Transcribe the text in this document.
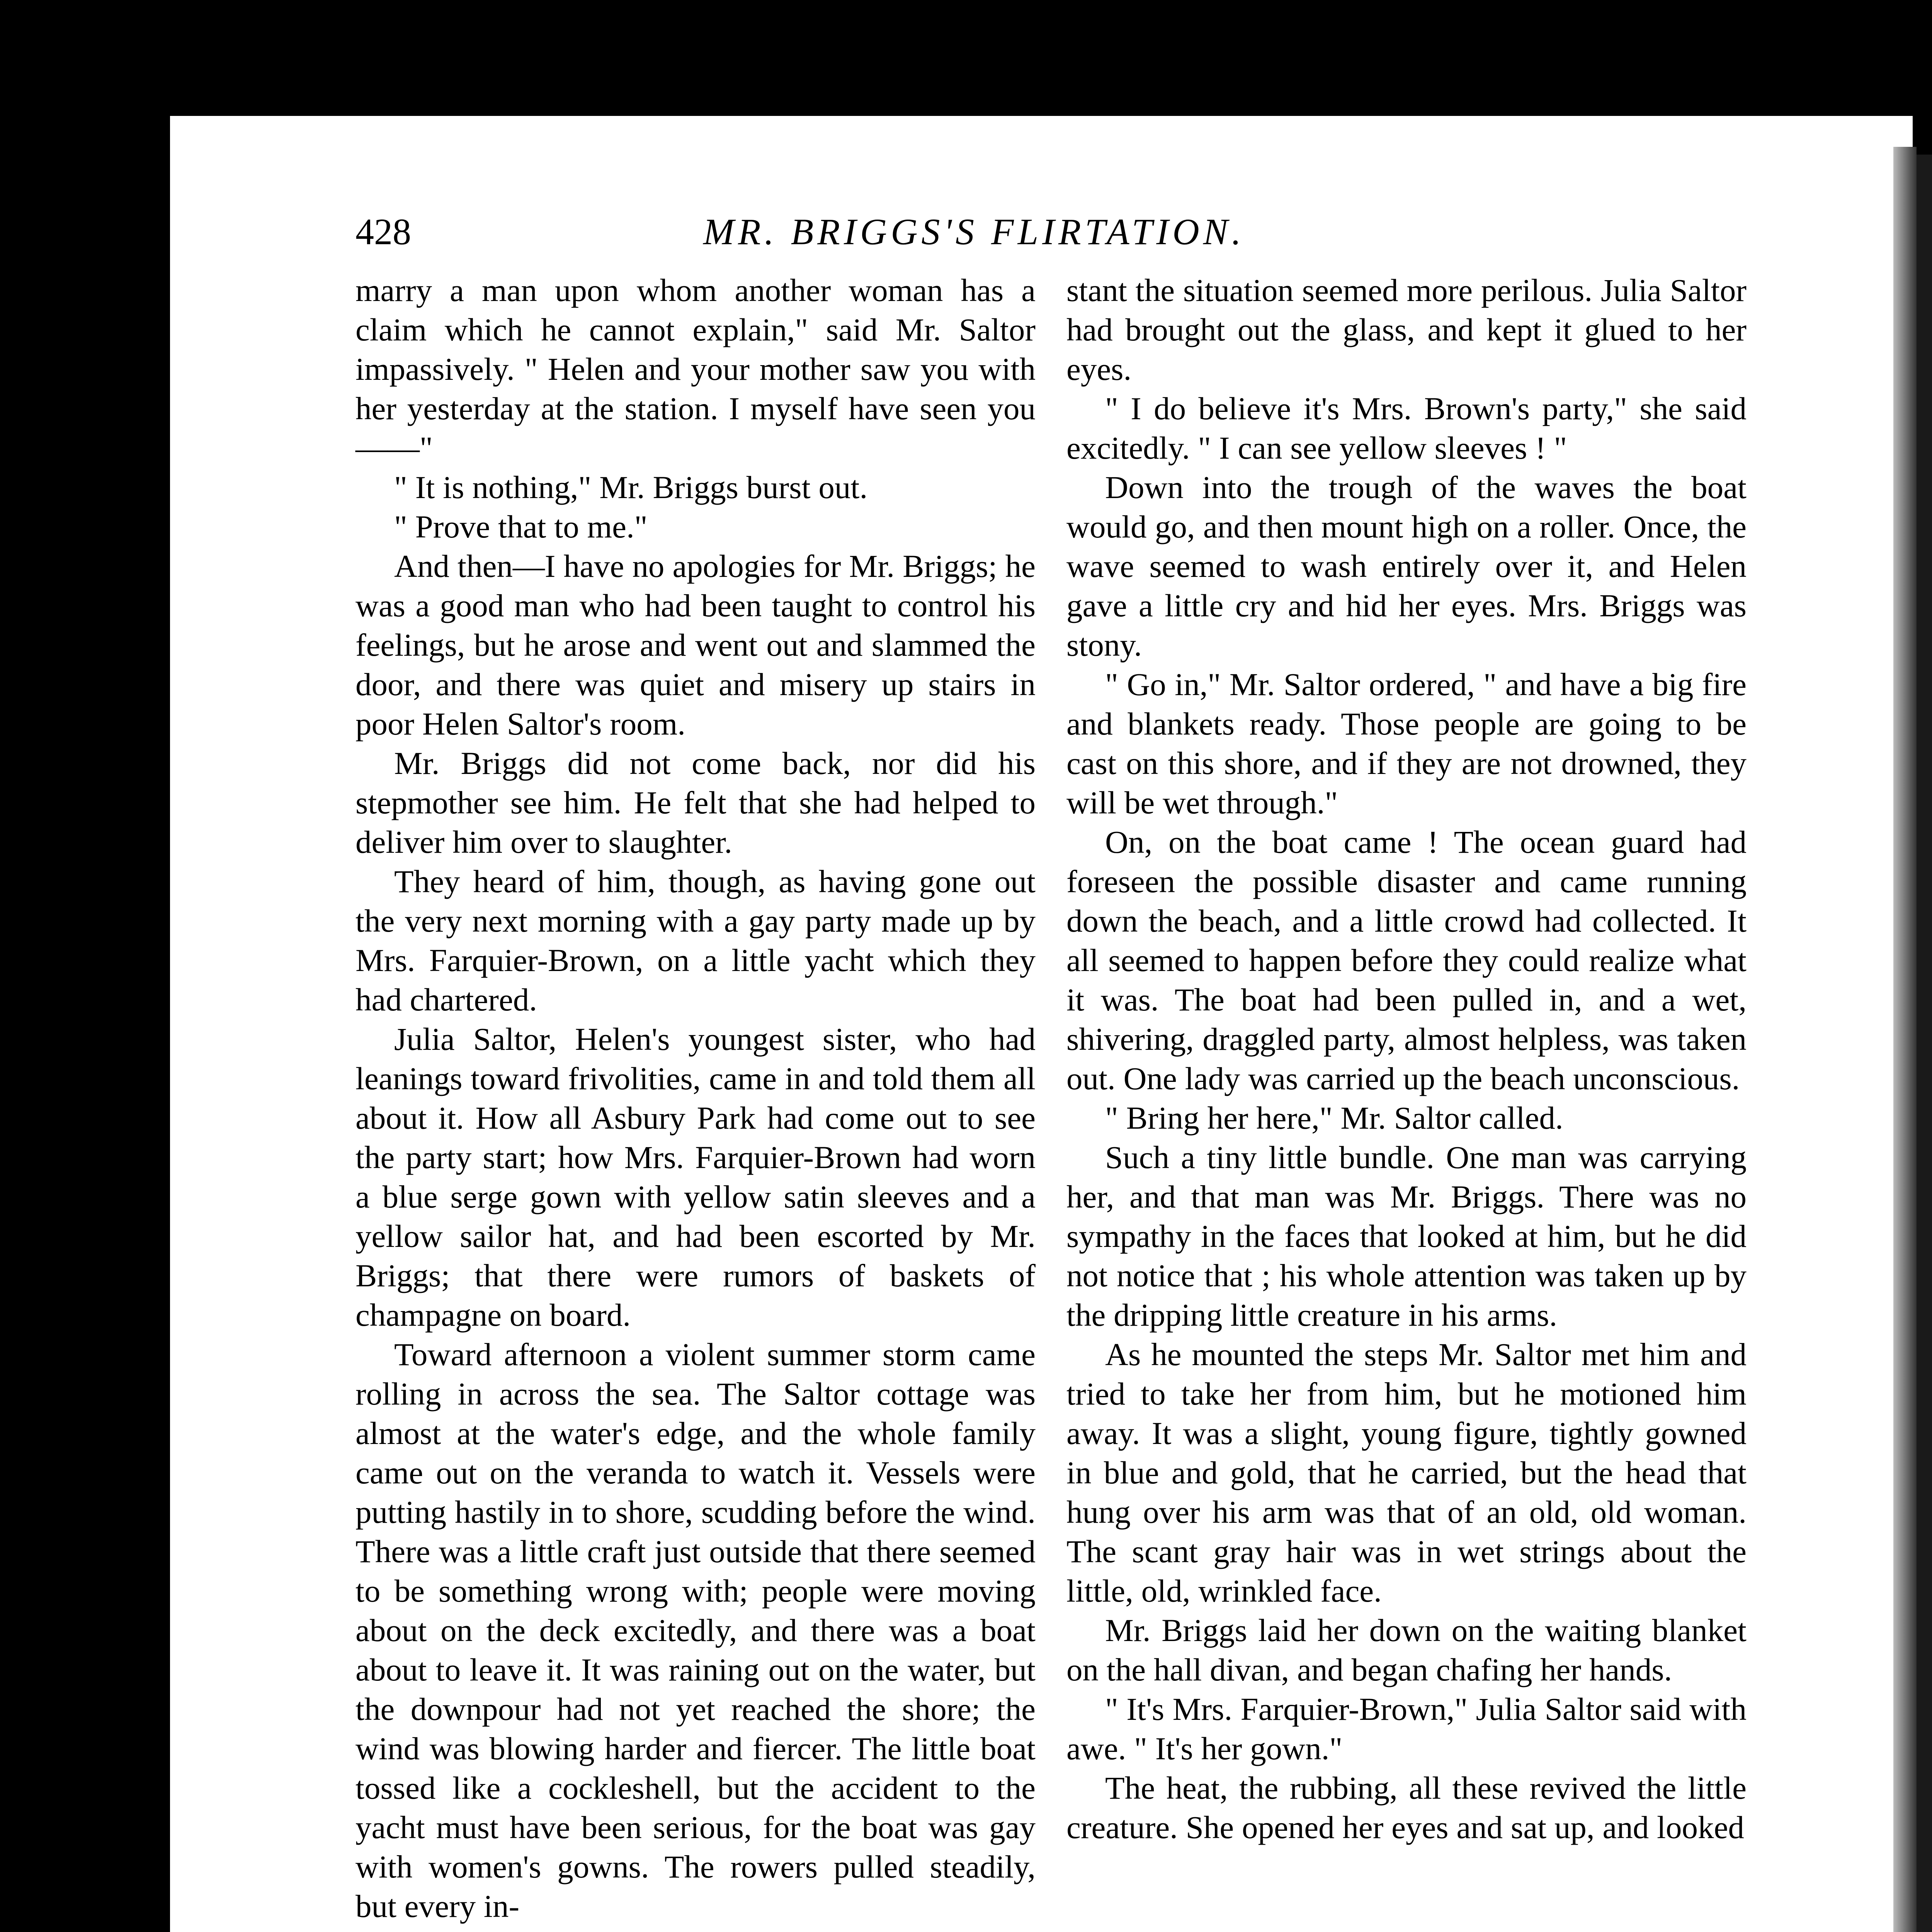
428	MR. BRIGGS'S FLIRTATION.

marry a man upon whom another woman has a claim which he cannot explain," said Mr. Saltor impassively. " Helen and your mother saw you with her yesterday at the station. I myself have seen you——"

" It is nothing," Mr. Briggs burst out.

" Prove that to me."

And then—I have no apologies for Mr. Briggs; he was a good man who had been taught to control his feelings, but he arose and went out and slammed the door, and there was quiet and misery up stairs in poor Helen Saltor's room.

Mr. Briggs did not come back, nor did his stepmother see him. He felt that she had helped to deliver him over to slaughter.

They heard of him, though, as having gone out the very next morning with a gay party made up by Mrs. Farquier-Brown, on a little yacht which they had chartered.

Julia Saltor, Helen's youngest sister, who had leanings toward frivolities, came in and told them all about it. How all Asbury Park had come out to see the party start; how Mrs. Farquier-Brown had worn a blue serge gown with yellow satin sleeves and a yellow sailor hat, and had been escorted by Mr. Briggs; that there were rumors of baskets of champagne on board.

Toward afternoon a violent summer storm came rolling in across the sea. The Saltor cottage was almost at the water's edge, and the whole family came out on the veranda to watch it. Vessels were putting hastily in to shore, scudding before the wind. There was a little craft just outside that there seemed to be something wrong with; people were moving about on the deck excitedly, and there was a boat about to leave it. It was raining out on the water, but the downpour had not yet reached the shore; the wind was blowing harder and fiercer. The little boat tossed like a cockleshell, but the accident to the yacht must have been serious, for the boat was gay with women's gowns. The rowers pulled steadily, but every in-

stant the situation seemed more perilous. Julia Saltor had brought out the glass, and kept it glued to her eyes.

" I do believe it's Mrs. Brown's party," she said excitedly. " I can see yellow sleeves ! "

Down into the trough of the waves the boat would go, and then mount high on a roller. Once, the wave seemed to wash entirely over it, and Helen gave a little cry and hid her eyes. Mrs. Briggs was stony.

" Go in," Mr. Saltor ordered, " and have a big fire and blankets ready. Those people are going to be cast on this shore, and if they are not drowned, they will be wet through."

On, on the boat came ! The ocean guard had foreseen the possible disaster and came running down the beach, and a little crowd had collected. It all seemed to happen before they could realize what it was. The boat had been pulled in, and a wet, shivering, draggled party, almost helpless, was taken out. One lady was carried up the beach unconscious.

" Bring her here," Mr. Saltor called.

Such a tiny little bundle. One man was carrying her, and that man was Mr. Briggs. There was no sympathy in the faces that looked at him, but he did not notice that ; his whole attention was taken up by the dripping little creature in his arms.

As he mounted the steps Mr. Saltor met him and tried to take her from him, but he motioned him away. It was a slight, young figure, tightly gowned in blue and gold, that he carried, but the head that hung over his arm was that of an old, old woman. The scant gray hair was in wet strings about the little, old, wrinkled face.

Mr. Briggs laid her down on the waiting blanket on the hall divan, and began chafing her hands.

" It's Mrs. Farquier-Brown," Julia Saltor said with awe. " It's her gown."

The heat, the rubbing, all these revived the little creature. She opened her eyes and sat up, and looked
